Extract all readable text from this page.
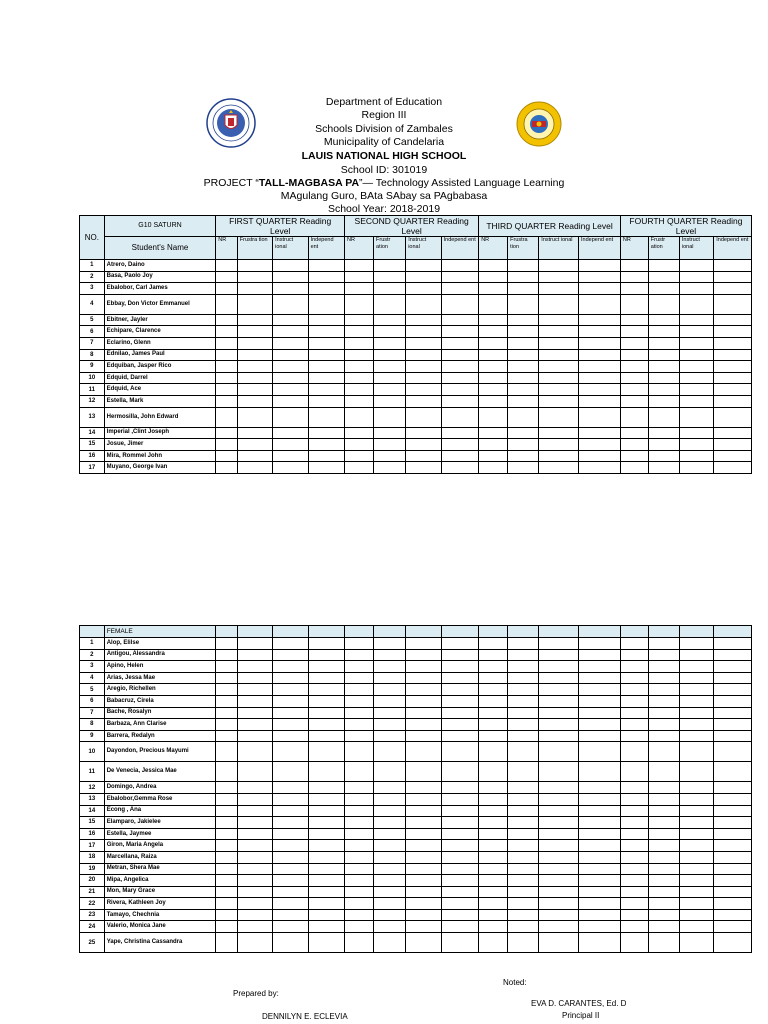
Department of Education
Region III
Schools Division of Zambales
Municipality of Candelaria
LAUIS NATIONAL HIGH SCHOOL
School ID: 301019
PROJECT “TALL-MAGBASA PA”— Technology Assisted Language Learning
MAgulang Guro, BAta SAbay sa PAgbabasa
School Year: 2018-2019
NO.	G10 SATURN	FIRST QUARTER Reading Level				SECOND QUARTER Reading Level				THIRD QUARTER Reading Level				FOURTH QUARTER Reading Level			
	Student's Name	NR	Frustra tion	Instruct ional	Independ ent	NR	Frustr ation	Instruct ional	Independ ent	NR	Frustra tion	Instruct ional	Independ ent	NR	Frustr ation	Instruct ional	Independ ent
1	Atrero, Daino																
2	Basa, Paolo Joy																
3	Ebalobor, Carl James																
4	Ebbay, Don Victor Emmanuel																
5	Ebitner, Jayler																
6	Echipare, Clarence																
7	Eclarino, Glenn																
8	Ednilao, James Paul																
9	Edquiban, Jasper Rico																
10	Edquid, Darrel																
11	Edquid, Ace																
12	Estella, Mark																
13	Hermosilla, John Edward																
14	Imperial ,Clint Joseph																
15	Josue, Jimer																
16	Mira, Rommel John																
17	Muyano, George Ivan																
	FEMALE																
1	Alop, Elilse																
2	Antigou, Alessandra																
3	Apino, Helen																
4	Arias, Jessa Mae																
5	Aregio, Richellen																
6	Babacruz, Cirela																
7	Bache, Rosalyn																
8	Barbaza, Ann Clarise																
9	Barrera, Redalyn																
10	Dayondon, Precious Mayumi																
11	De Venecia, Jessica Mae																
12	Domingo, Andrea																
13	Ebalobor,Gemma Rose																
14	Econg , Ana																
15	Elamparo, Jakielee																
16	Estella, Jaymee																
17	Giron, Maria Angela																
18	Marcellana, Raiza																
19	Metran, Shera Mae																
20	Mipa, Angelica																
21	Mon, Mary Grace																
22	Rivera, Kathleen Joy																
23	Tamayo, Chechnia																
24	Valerio, Monica Jane																
25	Yape, Christina Cassandra																
Prepared by:
DENNILYN E. ECLEVIA
Noted:
EVA D. CARANTES, Ed. D
Principal II
